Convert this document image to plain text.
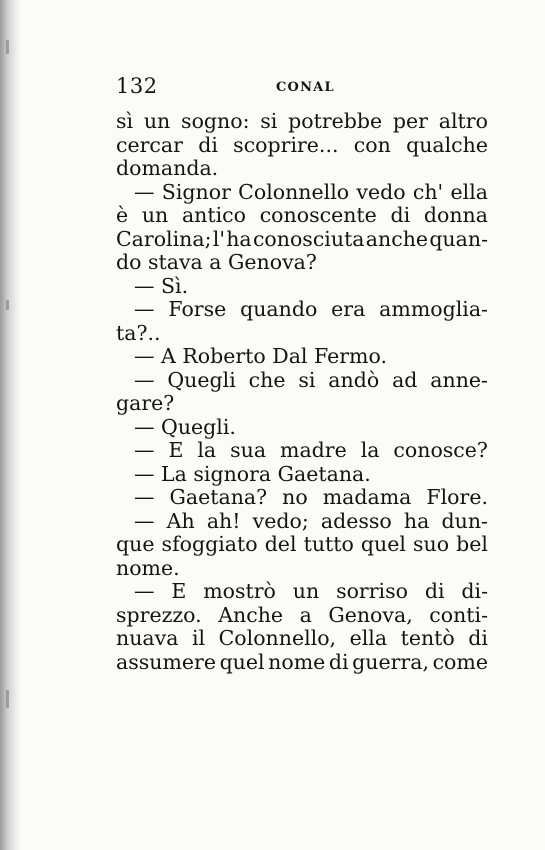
132	CONAL
sì un sogno: si potrebbe per altro
cercar di scoprire... con qualche
domanda.
— Signor Colonnello vedo ch' ella
è un antico conoscente di donna
Carolina; l' ha conosciuta anche quan-
do stava a Genova?
— Sì.
— Forse quando era ammoglia-
ta?..
— A Roberto Dal Fermo.
— Quegli che si andò ad anne-
gare?
— Quegli.
— E la sua madre la conosce?
— La signora Gaetana.
— Gaetana? no madama Flore.
— Ah ah! vedo; adesso ha dun-
que sfoggiato del tutto quel suo bel
nome.
— E mostrò un sorriso di di-
sprezzo. Anche a Genova, conti-
nuava il Colonnello, ella tentò di
assumere quel nome di guerra, come
